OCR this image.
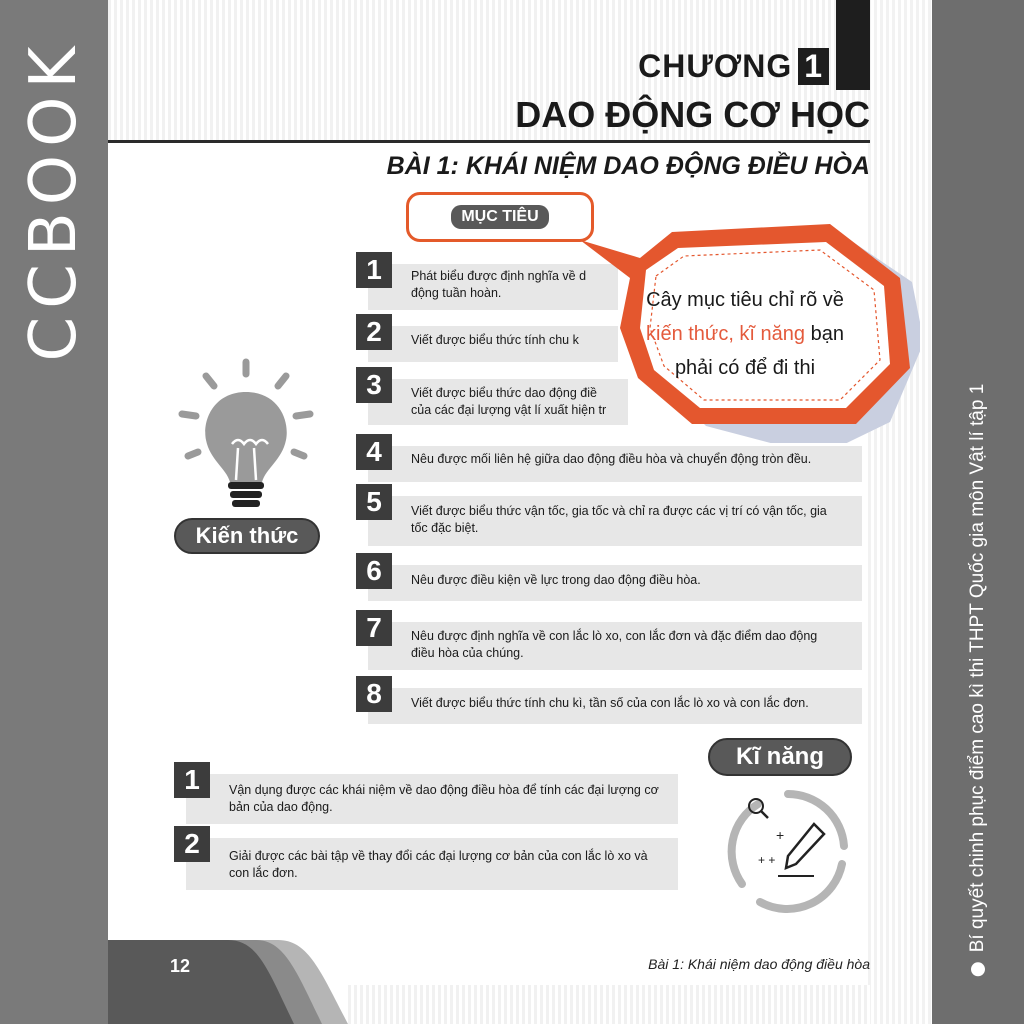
CCBOOK
Bí quyết chinh phục điểm cao kì thi THPT Quốc gia môn Vật lí tập 1
CHƯƠNG 1
DAO ĐỘNG CƠ HỌC
BÀI 1: KHÁI NIỆM DAO ĐỘNG ĐIỀU HÒA
MỤC TIÊU
1	Phát biểu được định nghĩa về d
động tuần hoàn.
2	Viết được biểu thức tính chu k
3	Viết được biểu thức dao động điề
của các đại lượng vật lí xuất hiện tr
4	Nêu được mối liên hệ giữa dao động điều hòa và chuyển động tròn đều.
5	Viết được biểu thức vận tốc, gia tốc và chỉ ra được các vị trí có vận tốc, gia tốc đặc biệt.
6	Nêu được điều kiện về lực trong dao động điều hòa.
7	Nêu được định nghĩa về con lắc lò xo, con lắc đơn và đặc điểm dao động điều hòa của chúng.
8	Viết được biểu thức tính chu kì, tần số của con lắc lò xo và con lắc đơn.
Cây mục tiêu chỉ rõ về kiến thức, kĩ năng bạn phải có để đi thi
Kiến thức
Kĩ năng
1	Vận dụng được các khái niệm về dao động điều hòa để tính các đại lượng cơ bản của dao động.
2	Giải được các bài tập về thay đổi các đại lượng cơ bản của con lắc lò xo và con lắc đơn.
+
+ +
12	Bài 1: Khái niệm dao động điều hòa
